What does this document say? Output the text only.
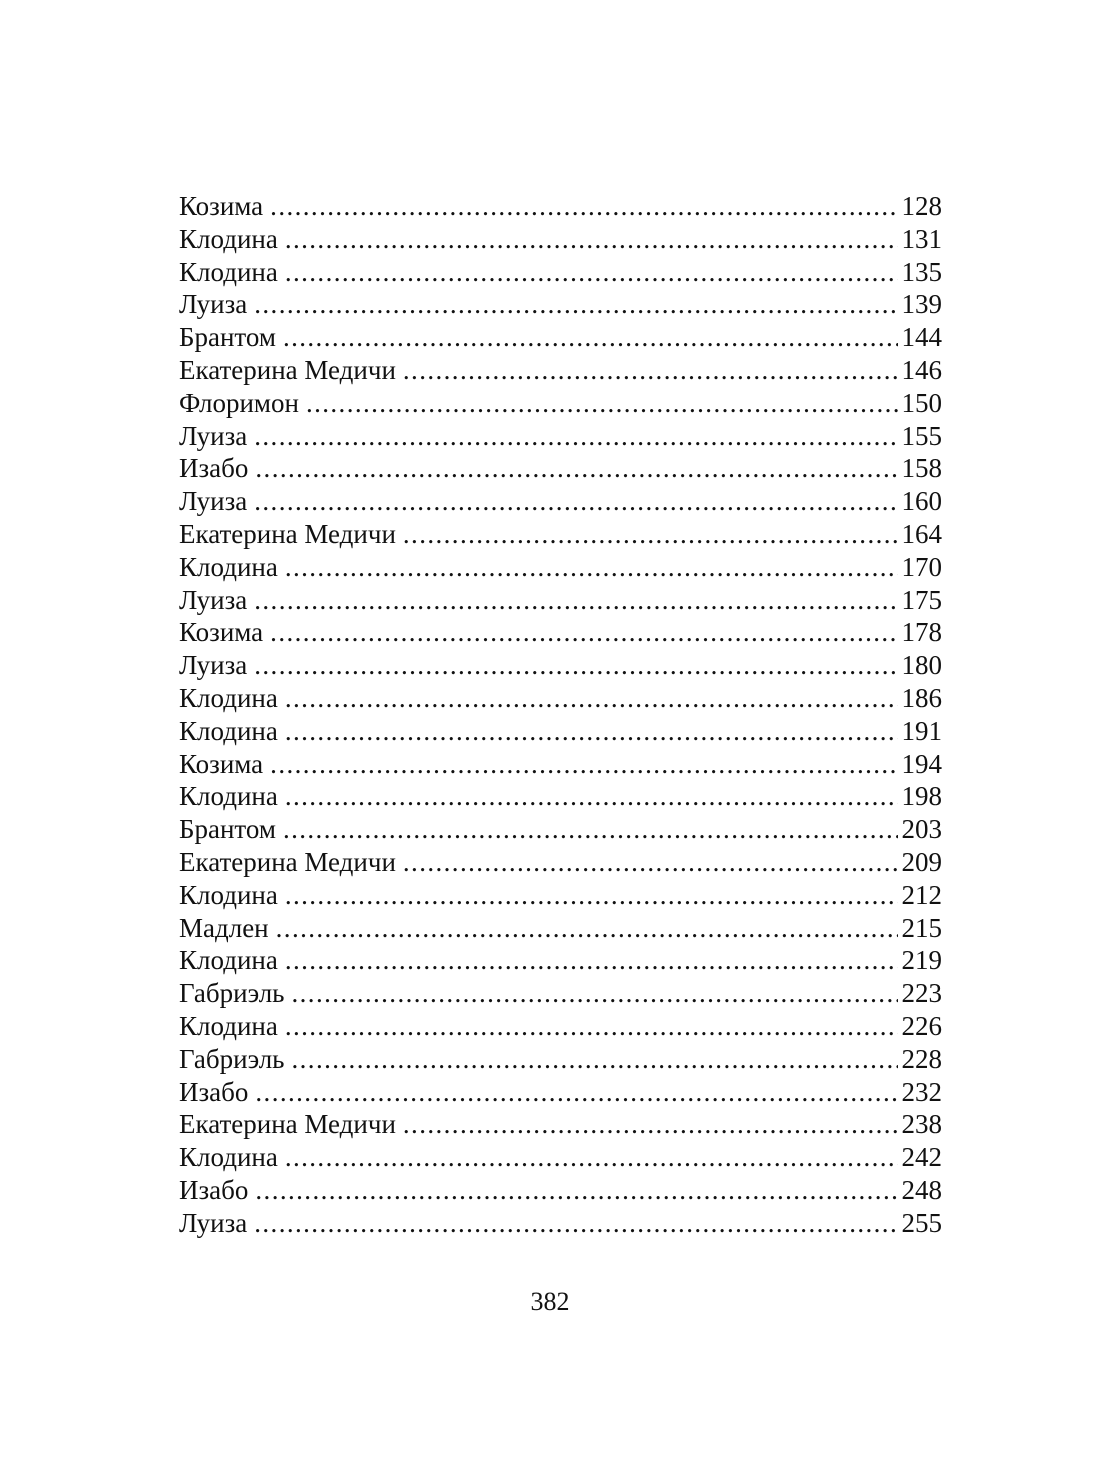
Козима .....	128
Клодина .....	131
Клодина .....	135
Луиза .....	139
Брантом .....	144
Екатерина Медичи .....	146
Флоримон .....	150
Луиза .....	155
Изабо .....	158
Луиза .....	160
Екатерина Медичи .....	164
Клодина .....	170
Луиза .....	175
Козима .....	178
Луиза .....	180
Клодина .....	186
Клодина .....	191
Козима .....	194
Клодина .....	198
Брантом .....	203
Екатерина Медичи .....	209
Клодина .....	212
Мадлен .....	215
Клодина .....	219
Габриэль .....	223
Клодина .....	226
Габриэль .....	228
Изабо .....	232
Екатерина Медичи .....	238
Клодина .....	242
Изабо .....	248
Луиза .....	255
382
